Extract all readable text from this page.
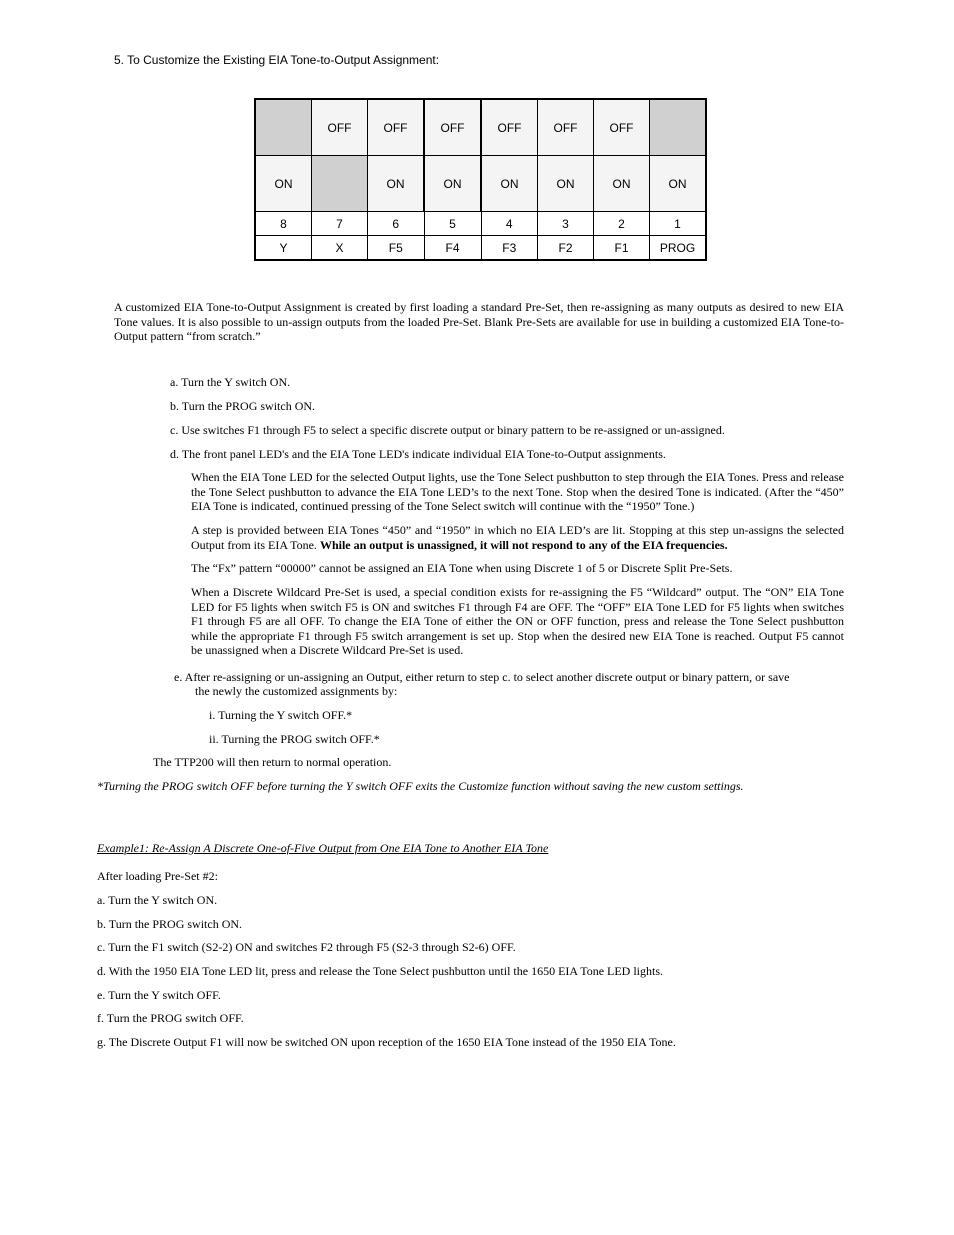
5. To Customize the Existing EIA Tone-to-Output Assignment:
	OFF	OFF	OFF	OFF	OFF	OFF	
ON		ON	ON	ON	ON	ON	ON
8	7	6	5	4	3	2	1
Y	X	F5	F4	F3	F2	F1	PROG
A customized EIA Tone-to-Output Assignment is created by first loading a standard Pre-Set, then re-assigning as many outputs as desired to new EIA Tone values. It is also possible to un-assign outputs from the loaded Pre-Set. Blank Pre-Sets are available for use in building a customized EIA Tone-to-Output pattern “from scratch.”
a. Turn the Y switch ON.
b. Turn the PROG switch ON.
c. Use switches F1 through F5 to select a specific discrete output or binary pattern to be re-assigned or un-assigned.
d. The front panel LED's and the EIA Tone LED's indicate individual EIA Tone-to-Output assignments.
When the EIA Tone LED for the selected Output lights, use the Tone Select pushbutton to step through the EIA Tones. Press and release the Tone Select pushbutton to advance the EIA Tone LED’s to the next Tone. Stop when the desired Tone is indicated. (After the “450” EIA Tone is indicated, continued pressing of the Tone Select switch will continue with the “1950” Tone.)
A step is provided between EIA Tones “450” and “1950” in which no EIA LED’s are lit. Stopping at this step un-assigns the selected Output from its EIA Tone. While an output is unassigned, it will not respond to any of the EIA frequencies.
The “Fx” pattern “00000” cannot be assigned an EIA Tone when using Discrete 1 of 5 or Discrete Split Pre-Sets.
When a Discrete Wildcard Pre-Set is used, a special condition exists for re-assigning the F5 “Wildcard” output. The “ON” EIA Tone LED for F5 lights when switch F5 is ON and switches F1 through F4 are OFF. The “OFF” EIA Tone LED for F5 lights when switches F1 through F5 are all OFF. To change the EIA Tone of either the ON or OFF function, press and release the Tone Select pushbutton while the appropriate F1 through F5 switch arrangement is set up. Stop when the desired new EIA Tone is reached. Output F5 cannot be unassigned when a Discrete Wildcard Pre-Set is used.
e. After re-assigning or un-assigning an Output, either return to step c. to select another discrete output or binary pattern, or save
the newly the customized assignments by:
i. Turning the Y switch OFF.*
ii. Turning the PROG switch OFF.*
The TTP200 will then return to normal operation.
*Turning the PROG switch OFF before turning the Y switch OFF exits the Customize function without saving the new custom settings.
Example1: Re-Assign A Discrete One-of-Five Output from One EIA Tone to Another EIA Tone
After loading Pre-Set #2:
a. Turn the Y switch ON.
b. Turn the PROG switch ON.
c. Turn the F1 switch (S2-2) ON and switches F2 through F5 (S2-3 through S2-6) OFF.
d. With the 1950 EIA Tone LED lit, press and release the Tone Select pushbutton until the 1650 EIA Tone LED lights.
e. Turn the Y switch OFF.
f. Turn the PROG switch OFF.
g. The Discrete Output F1 will now be switched ON upon reception of the 1650 EIA Tone instead of the 1950 EIA Tone.
